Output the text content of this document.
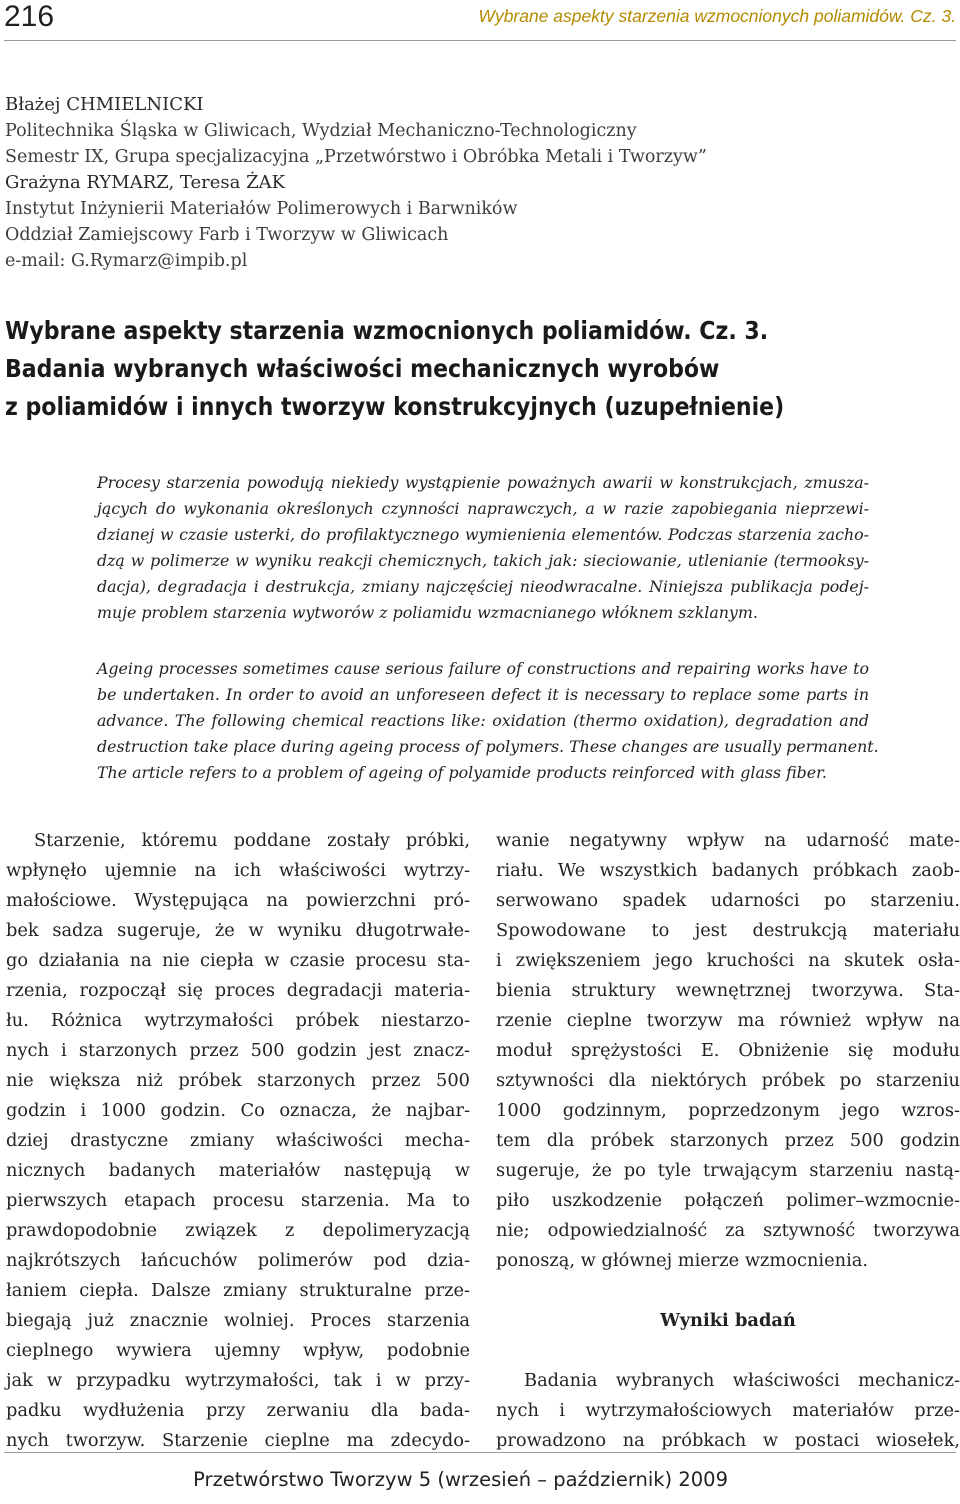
216	Wybrane aspekty starzenia wzmocnionych poliamidów. Cz. 3.
Błażej CHMIELNICKI
Politechnika Śląska w Gliwicach, Wydział Mechaniczno-Technologiczny
Semestr IX, Grupa specjalizacyjna „Przetwórstwo i Obróbka Metali i Tworzyw”
Grażyna RYMARZ, Teresa ŻAK
Instytut Inżynierii Materiałów Polimerowych i Barwników
Oddział Zamiejscowy Farb i Tworzyw w Gliwicach
e-mail: G.Rymarz@impib.pl
Wybrane aspekty starzenia wzmocnionych poliamidów. Cz. 3.
Badania wybranych właściwości mechanicznych wyrobów
z poliamidów i innych tworzyw konstrukcyjnych (uzupełnienie)
Procesy starzenia powodują niekiedy wystąpienie poważnych awarii w konstrukcjach, zmusza-
jących do wykonania określonych czynności naprawczych, a w razie zapobiegania nieprzewi-
dzianej w czasie usterki, do profilaktycznego wymienienia elementów. Podczas starzenia zacho-
dzą w polimerze w wyniku reakcji chemicznych, takich jak: sieciowanie, utlenianie (termooksy-
dacja), degradacja i destrukcja, zmiany najczęściej nieodwracalne. Niniejsza publikacja podej-
muje problem starzenia wytworów z poliamidu wzmacnianego włóknem szklanym.
Ageing processes sometimes cause serious failure of constructions and repairing works have to
be undertaken. In order to avoid an unforeseen defect it is necessary to replace some parts in
advance. The following chemical reactions like: oxidation (thermo oxidation), degradation and
destruction take place during ageing process of polymers. These changes are usually permanent.
The article refers to a problem of ageing of polyamide products reinforced with glass fiber.
Starzenie, któremu poddane zostały próbki,
wpłynęło ujemnie na ich właściwości wytrzy-
małościowe. Występująca na powierzchni pró-
bek sadza sugeruje, że w wyniku długotrwałe-
go działania na nie ciepła w czasie procesu sta-
rzenia, rozpoczął się proces degradacji materia-
łu. Różnica wytrzymałości próbek niestarzo-
nych i starzonych przez 500 godzin jest znacz-
nie większa niż próbek starzonych przez 500
godzin i 1000 godzin. Co oznacza, że najbar-
dziej drastyczne zmiany właściwości mecha-
nicznych badanych materiałów następują w
pierwszych etapach procesu starzenia. Ma to
prawdopodobnie związek z depolimeryzacją
najkrótszych łańcuchów polimerów pod dzia-
łaniem ciepła. Dalsze zmiany strukturalne prze-
biegają już znacznie wolniej. Proces starzenia
cieplnego wywiera ujemny wpływ, podobnie
jak w przypadku wytrzymałości, tak i w przy-
padku wydłużenia przy zerwaniu dla bada-
nych tworzyw. Starzenie cieplne ma zdecydo-
wanie negatywny wpływ na udarność mate-
riału. We wszystkich badanych próbkach zaob-
serwowano spadek udarności po starzeniu.
Spowodowane to jest destrukcją materiału
i zwiększeniem jego kruchości na skutek osła-
bienia struktury wewnętrznej tworzywa. Sta-
rzenie cieplne tworzyw ma również wpływ na
moduł sprężystości E. Obniżenie się modułu
sztywności dla niektórych próbek po starzeniu
1000 godzinnym, poprzedzonym jego wzros-
tem dla próbek starzonych przez 500 godzin
sugeruje, że po tyle trwającym starzeniu nastą-
piło uszkodzenie połączeń polimer–wzmocnie-
nie; odpowiedzialność za sztywność tworzywa
ponoszą, w głównej mierze wzmocnienia.
Wyniki badań
Badania wybranych właściwości mechanicz-
nych i wytrzymałościowych materiałów prze-
prowadzono na próbkach w postaci wiosełek,
Przetwórstwo Tworzyw 5 (wrzesień – październik) 2009
